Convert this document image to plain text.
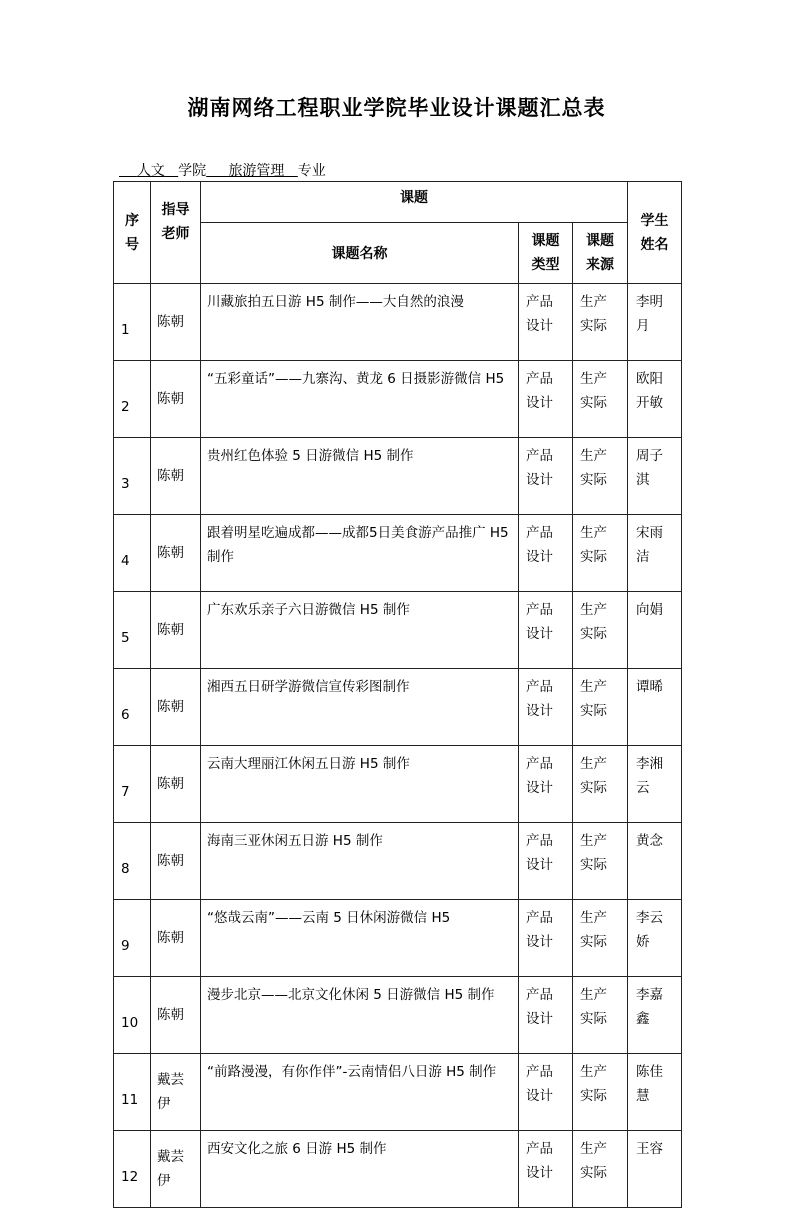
湖南网络工程职业学院毕业设计课题汇总表
人文 学院 旅游管理 专业
序号	指导老师	课题			学生姓名
		课题名称	课题类型	课题来源	
1	陈朝	川藏旅拍五日游 H5 制作——大自然的浪漫	产品设计	生产实际	李明月
2	陈朝	“五彩童话”——九寨沟、黄龙 6 日摄影游微信 H5	产品设计	生产实际	欧阳开敏
3	陈朝	贵州红色体验 5 日游微信 H5 制作	产品设计	生产实际	周子淇
4	陈朝	跟着明星吃遍成都——成都5日美食游产品推广 H5 制作	产品设计	生产实际	宋雨洁
5	陈朝	广东欢乐亲子六日游微信 H5 制作	产品设计	生产实际	向娟
6	陈朝	湘西五日研学游微信宣传彩图制作	产品设计	生产实际	谭晞
7	陈朝	云南大理丽江休闲五日游 H5 制作	产品设计	生产实际	李湘云
8	陈朝	海南三亚休闲五日游 H5 制作	产品设计	生产实际	黄念
9	陈朝	“悠哉云南”——云南 5 日休闲游微信 H5	产品设计	生产实际	李云娇
10	陈朝	漫步北京——北京文化休闲 5 日游微信 H5 制作	产品设计	生产实际	李嘉鑫
11	戴芸伊	“前路漫漫，有你作伴”-云南情侣八日游 H5 制作	产品设计	生产实际	陈佳慧
12	戴芸伊	西安文化之旅 6 日游 H5 制作	产品设计	生产实际	王容
